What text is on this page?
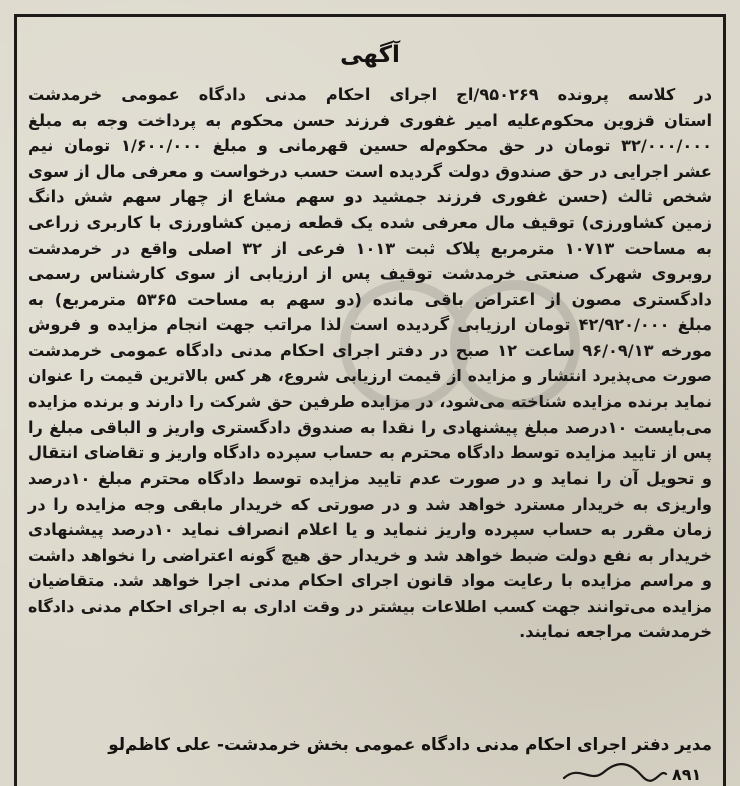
آگهی
در کلاسه پرونده ۹۵۰۲۶۹/اج اجرای احکام مدنی دادگاه عمومی خرمدشت
استان قزوین محکوم‌علیه امیر غفوری فرزند حسن محکوم به پرداخت وجه به مبلغ
۳۲/۰۰۰/۰۰۰ تومان در حق محکوم‌له حسین قهرمانی و مبلغ ۱/۶۰۰/۰۰۰ تومان نیم
عشر اجرایی در حق صندوق دولت گردیده است حسب درخواست و معرفی مال از سوی
شخص ثالث (حسن غفوری فرزند جمشید دو سهم مشاع از چهار سهم شش دانگ
زمین کشاورزی) توقیف مال معرفی شده یک قطعه زمین کشاورزی با کاربری زراعی
به مساحت ۱۰۷۱۳ مترمربع پلاک ثبت ۱۰۱۳ فرعی از ۳۲ اصلی واقع در خرمدشت
روبروی شهرک صنعتی خرمدشت توقیف پس از ارزیابی از سوی کارشناس رسمی
دادگستری مصون از اعتراض باقی مانده (دو سهم به مساحت ۵۳۶۵ مترمربع) به
مبلغ ۴۲/۹۲۰/۰۰۰ تومان ارزیابی گردیده است لذا مراتب جهت انجام مزایده و فروش
مورخه ۹۶/۰۹/۱۳ ساعت ۱۲ صبح در دفتر اجرای احکام مدنی دادگاه عمومی خرمدشت
صورت می‌پذیرد انتشار و مزایده از قیمت ارزیابی شروع، هر کس بالاترین قیمت را عنوان
نماید برنده مزایده شناخته می‌شود، در مزایده طرفین حق شرکت را دارند و برنده مزایده
می‌بایست ۱۰درصد مبلغ پیشنهادی را نقدا به صندوق دادگستری واریز و الباقی مبلغ را
پس از تایید مزایده توسط دادگاه محترم به حساب سپرده دادگاه واریز و تقاضای انتقال
و تحویل آن را نماید و در صورت عدم تایید مزایده توسط دادگاه محترم مبلغ ۱۰درصد
واریزی به خریدار مسترد خواهد شد و در صورتی که خریدار مابقی وجه مزایده را در
زمان مقرر به حساب سپرده واریز ننماید و یا اعلام انصراف نماید ۱۰درصد پیشنهادی
خریدار به نفع دولت ضبط خواهد شد و خریدار حق هیچ گونه اعتراضی را نخواهد داشت
و مراسم مزایده با رعایت مواد قانون اجرای احکام مدنی اجرا خواهد شد. متقاضیان
مزایده می‌توانند جهت کسب اطلاعات بیشتر در وقت اداری به اجرای احکام مدنی دادگاه
خرمدشت مراجعه نمایند.
مدیر دفتر اجرای احکام مدنی دادگاه عمومی بخش خرمدشت- علی کاظم‌لو
۸۹۱
